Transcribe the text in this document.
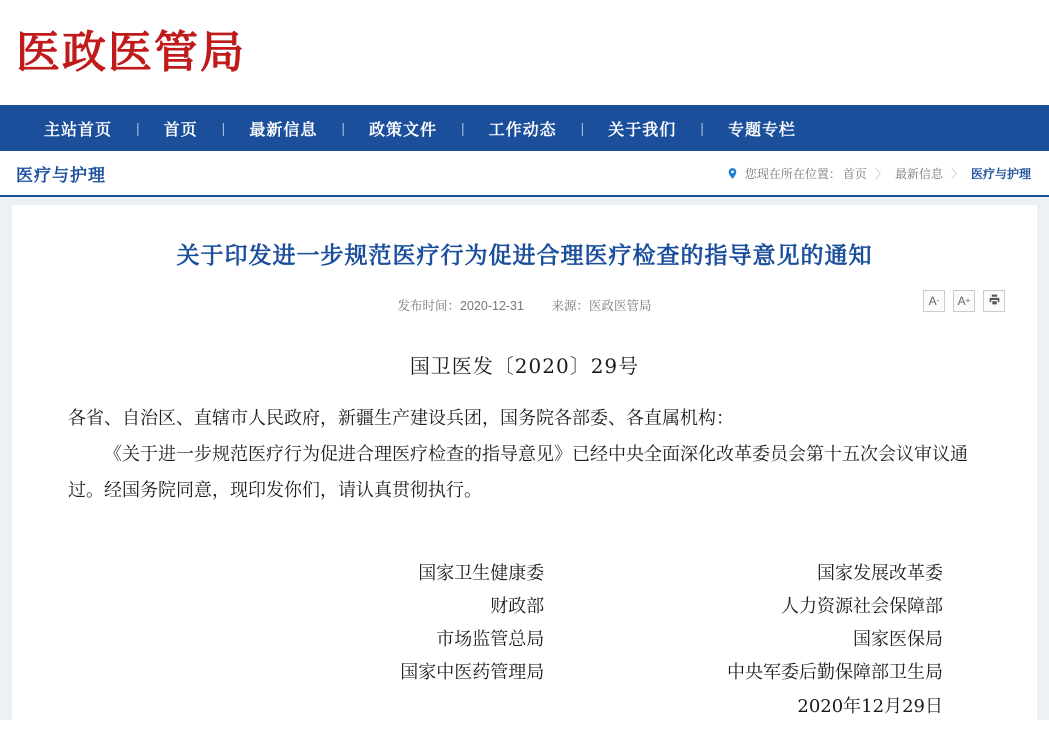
医政医管局
主站首页	|	首页	|	最新信息	|	政策文件	|	工作动态	|	关于我们	|	专题专栏
医疗与护理	您现在所在位置： 首页 〉 最新信息 〉 医疗与护理
关于印发进一步规范医疗行为促进合理医疗检查的指导意见的通知
发布时间：2020-12-31 来源：医政医管局	A - A +
国卫医发〔2020〕29号

各省、自治区、直辖市人民政府，新疆生产建设兵团，国务院各部委、各直属机构：

《关于进一步规范医疗行为促进合理医疗检查的指导意见》已经中央全面深化改革委员会第十五次会议审议通过。经国务院同意，现印发你们，请认真贯彻执行。

国家卫生健康委	国家发展改革委
财政部	人力资源社会保障部
市场监管总局	国家医保局
国家中医药管理局	中央军委后勤保障部卫生局
2020年12月29日
